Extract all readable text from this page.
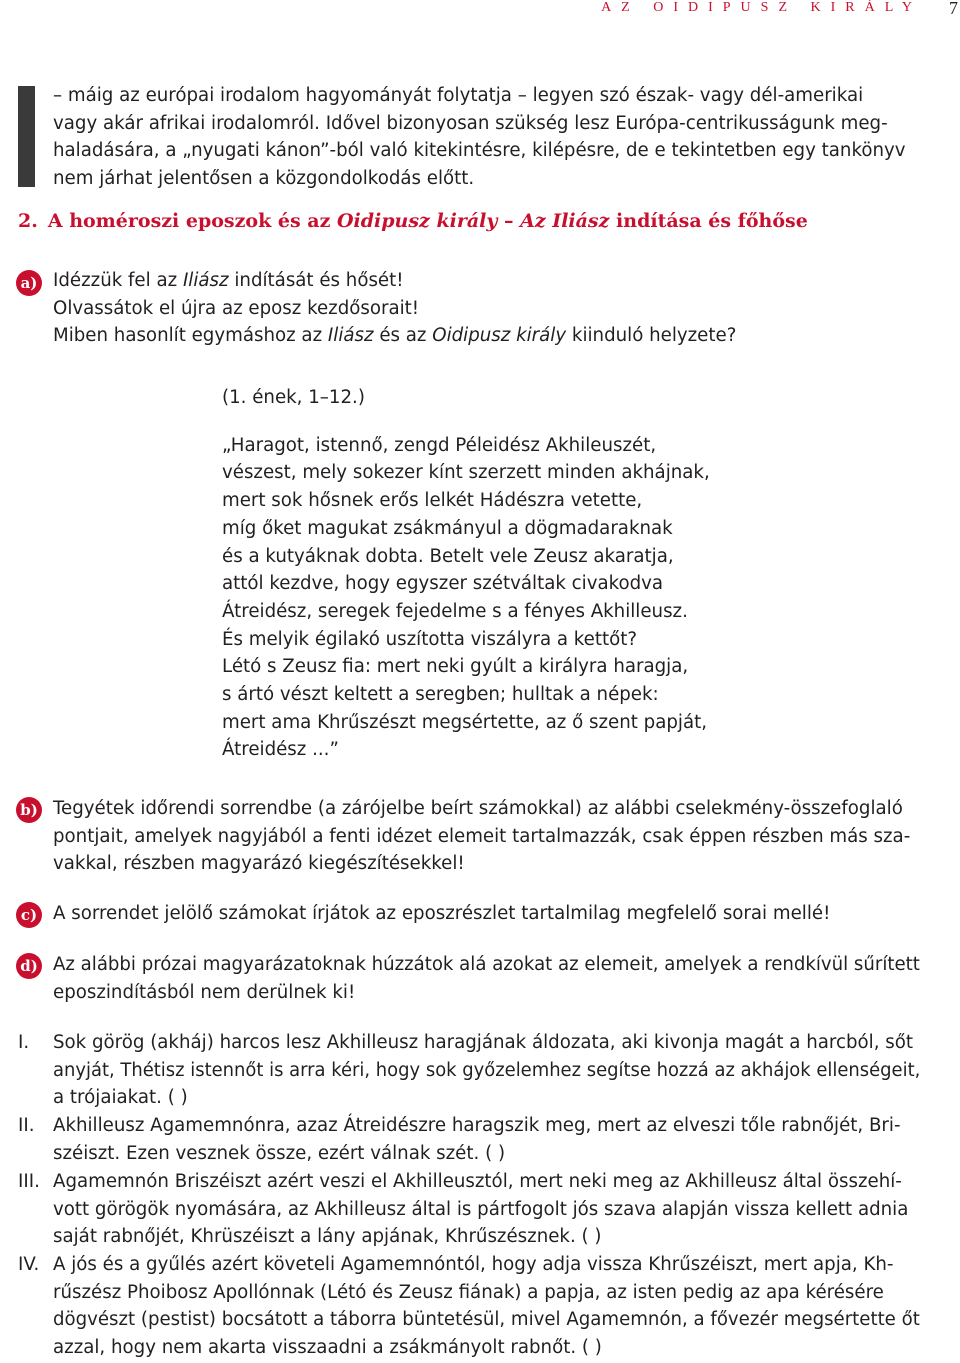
AZ OIDIPUSZ KIRÁLY 7
– máig az európai irodalom hagyományát folytatja – legyen szó észak- vagy dél-amerikai
vagy akár afrikai irodalomról. Idővel bizonyosan szükség lesz Európa-centrikusságunk meg-
haladására, a „nyugati kánon”-ból való kitekintésre, kilépésre, de e tekintetben egy tankönyv
nem járhat jelentősen a közgondolkodás előtt.
2. A homéroszi eposzok és az Oidipusz király – Az Iliász indítása és főhőse
a) Idézzük fel az Iliász indítását és hősét!
Olvassátok el újra az eposz kezdősorait!
Miben hasonlít egymáshoz az Iliász és az Oidipusz király kiinduló helyzete?
(1. ének, 1–12.)
„Haragot, istennő, zengd Péleidész Akhileuszét,
vészest, mely sokezer kínt szerzett minden akhájnak,
mert sok hősnek erős lelkét Hádészra vetette,
míg őket magukat zsákmányul a dögmadaraknak
és a kutyáknak dobta. Betelt vele Zeusz akaratja,
attól kezdve, hogy egyszer szétváltak civakodva
Átreidész, seregek fejedelme s a fényes Akhilleusz.
És melyik égilakó uszította viszályra a kettőt?
Létó s Zeusz fia: mert neki gyúlt a királyra haragja,
s ártó vészt keltett a seregben; hulltak a népek:
mert ama Khrűszészt megsértette, az ő szent papját,
Átreidész ...”
b) Tegyétek időrendi sorrendbe (a zárójelbe beírt számokkal) az alábbi cselekmény-összefoglaló
pontjait, amelyek nagyjából a fenti idézet elemeit tartalmazzák, csak éppen részben más sza-
vakkal, részben magyarázó kiegészítésekkel!
c) A sorrendet jelölő számokat írjátok az eposzrészlet tartalmilag megfelelő sorai mellé!
d) Az alábbi prózai magyarázatoknak húzzátok alá azokat az elemeit, amelyek a rendkívül sűrített
eposzindításból nem derülnek ki!
I. Sok görög (akháj) harcos lesz Akhilleusz haragjának áldozata, aki kivonja magát a harcból, sőt
anyját, Thétisz istennőt is arra kéri, hogy sok győzelemhez segítse hozzá az akhájok ellenségeit,
a trójaiakat. ( )
II. Akhilleusz Agamemnónra, azaz Átreidészre haragszik meg, mert az elveszi tőle rabnőjét, Bri-
széiszt. Ezen vesznek össze, ezért válnak szét. ( )
III. Agamemnón Briszéiszt azért veszi el Akhilleusztól, mert neki meg az Akhilleusz által összehí-
vott görögök nyomására, az Akhilleusz által is pártfogolt jós szava alapján vissza kellett adnia
saját rabnőjét, Khrüszéiszt a lány apjának, Khrűszésznek. ( )
IV. A jós és a gyűlés azért követeli Agamemnóntól, hogy adja vissza Khrűszéiszt, mert apja, Kh-
rűszész Phoibosz Apollónnak (Létó és Zeusz fiának) a papja, az isten pedig az apa kérésére
dögvészt (pestist) bocsátott a táborra büntetésül, mivel Agamemnón, a fővezér megsértette őt
azzal, hogy nem akarta visszaadni a zsákmányolt rabnőt. ( )
